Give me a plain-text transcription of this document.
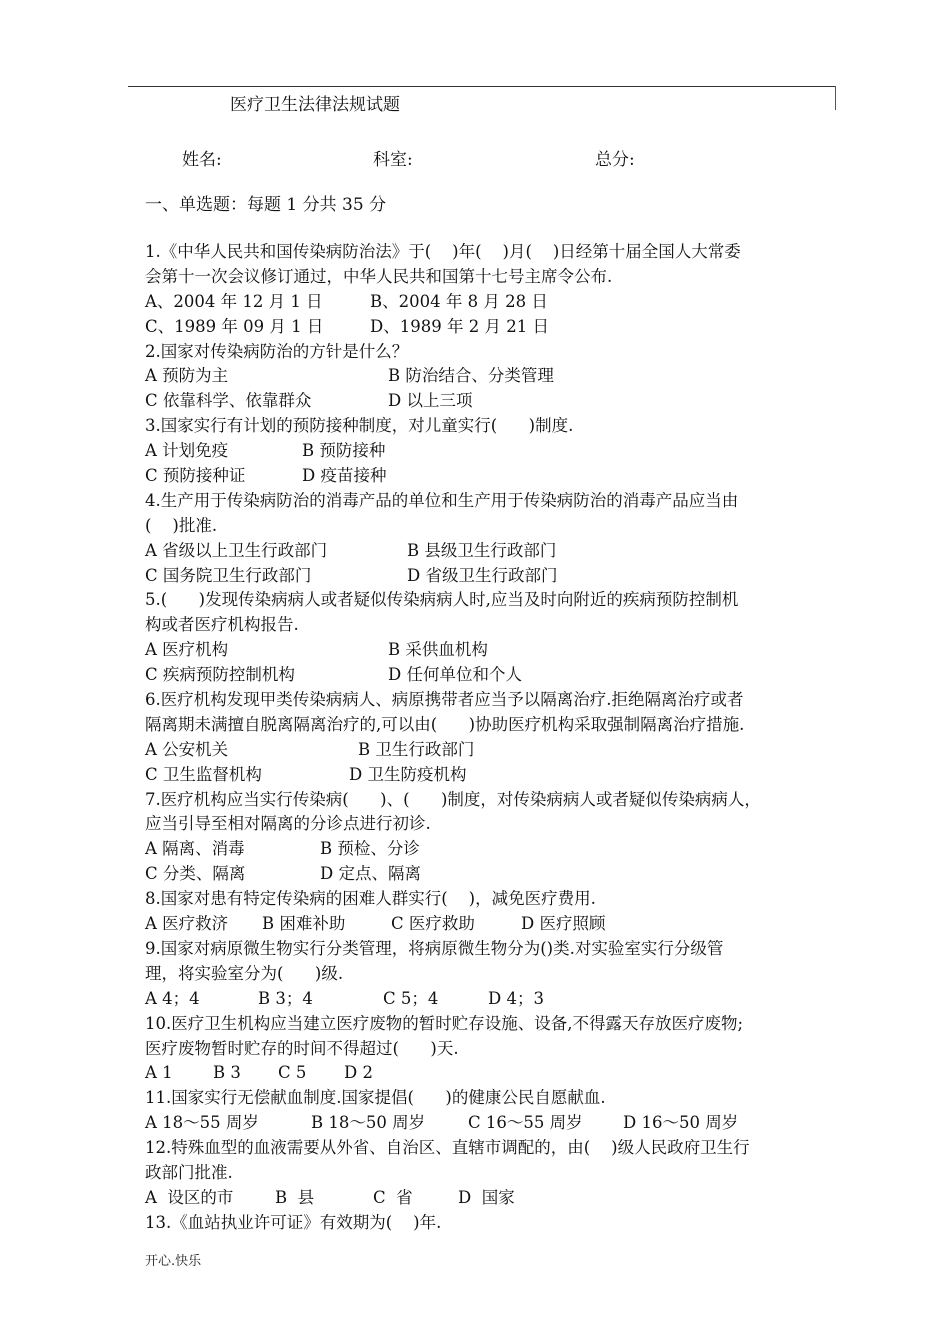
医疗卫生法律法规试题
姓名:	科室:	总分:
一、单选题：每题 1 分共 35 分
1.《中华人民共和国传染病防治法》于(    )年(    )月(    )日经第十届全国人大常委
会第十一次会议修订通过，中华人民共和国第十七号主席令公布.
A、2004 年 12 月 1 日	B、2004 年 8 月 28 日
C、1989 年 09 月 1 日	D、1989 年 2 月 21 日
2.国家对传染病防治的方针是什么？
A 预防为主	B 防治结合、分类管理
C 依靠科学、依靠群众	D 以上三项
3.国家实行有计划的预防接种制度，对儿童实行(      )制度.
A 计划免疫	B 预防接种
C 预防接种证	D 疫苗接种
4.生产用于传染病防治的消毒产品的单位和生产用于传染病防治的消毒产品应当由
(    )批准.
A 省级以上卫生行政部门	B 县级卫生行政部门
C 国务院卫生行政部门	D 省级卫生行政部门
5.(      )发现传染病病人或者疑似传染病病人时,应当及时向附近的疾病预防控制机
构或者医疗机构报告.
A 医疗机构	B 采供血机构
C 疾病预防控制机构	D 任何单位和个人
6.医疗机构发现甲类传染病病人、病原携带者应当予以隔离治疗.拒绝隔离治疗或者
隔离期未满擅自脱离隔离治疗的,可以由(      )协助医疗机构采取强制隔离治疗措施.
A 公安机关	B 卫生行政部门
C 卫生监督机构	D 卫生防疫机构
7.医疗机构应当实行传染病(      )、(      )制度，对传染病病人或者疑似传染病病人，
应当引导至相对隔离的分诊点进行初诊.
A 隔离、消毒	B 预检、分诊
C 分类、隔离	D 定点、隔离
8.国家对患有特定传染病的困难人群实行(    )，减免医疗费用.
A 医疗救济 B 困难补助	C 医疗救助	D 医疗照顾
9.国家对病原微生物实行分类管理，将病原微生物分为()类.对实验室实行分级管
理，将实验室分为(      )级.
A 4；4	B 3；4	C 5；4	D 4；3
10.医疗卫生机构应当建立医疗废物的暂时贮存设施、设备,不得露天存放医疗废物;
医疗废物暂时贮存的时间不得超过(      )天.
A 1 B 3 C 5 D 2
11.国家实行无偿献血制度.国家提倡(      )的健康公民自愿献血.
A 18～55 周岁	B 18～50 周岁	C 16～55 周岁 D 16～50 周岁
12.特殊血型的血液需要从外省、自治区、直辖市调配的，由(    )级人民政府卫生行
政部门批准.
A  设区的市	B  县	C  省	D  国家
13.《血站执业许可证》有效期为(    )年.
开心.快乐
